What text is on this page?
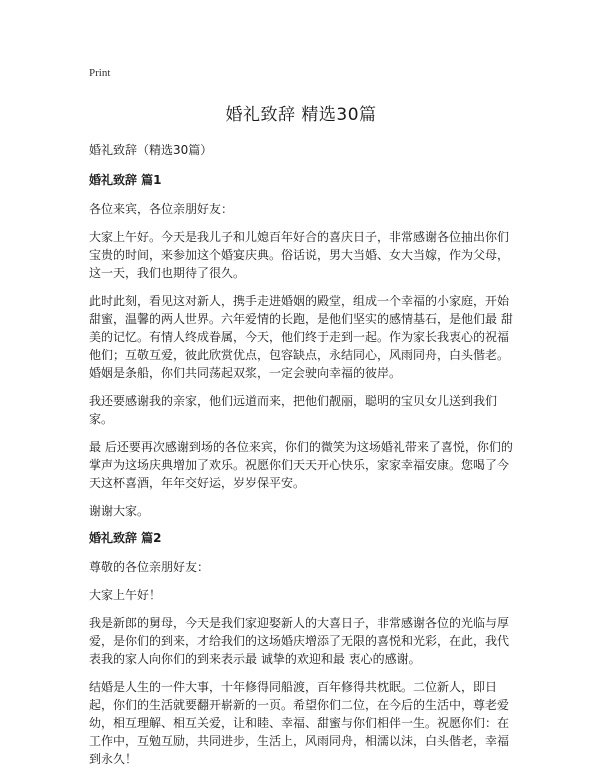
Print
婚礼致辞 精选30篇
婚礼致辞（精选30篇）
婚礼致辞 篇1

各位来宾，各位亲朋好友：

大家上午好。今天是我儿子和儿媳百年好合的喜庆日子，非常感谢各位抽出你们宝贵的时间，来参加这个婚宴庆典。俗话说，男大当婚、女大当嫁，作为父母，这一天，我们也期待了很久。

此时此刻，看见这对新人，携手走进婚姻的殿堂，组成一个幸福的小家庭，开始甜蜜，温馨的两人世界。六年爱情的长跑，是他们坚实的感情基石，是他们最 甜美的记忆。有情人终成眷属，今天，他们终于走到一起。作为家长我衷心的祝福他们；互敬互爱，彼此欣赏优点，包容缺点，永结同心，风雨同舟，白头偕老。婚姻是条船，你们共同荡起双浆，一定会驶向幸福的彼岸。

我还要感谢我的亲家，他们远道而来，把他们靓丽，聪明的宝贝女儿送到我们家。

最 后还要再次感谢到场的各位来宾，你们的微笑为这场婚礼带来了喜悦，你们的掌声为这场庆典增加了欢乐。祝愿你们天天开心快乐，家家幸福安康。您喝了今天这杯喜酒，年年交好运，岁岁保平安。

谢谢大家。

婚礼致辞 篇2

尊敬的各位亲朋好友：

大家上午好！

我是新郎的舅母，今天是我们家迎娶新人的大喜日子，非常感谢各位的光临与厚爱，是你们的到来，才给我们的这场婚庆增添了无限的喜悦和光彩，在此，我代表我的家人向你们的到来表示最 诚挚的欢迎和最 衷心的感谢。

结婚是人生的一件大事，十年修得同船渡，百年修得共枕眠。二位新人，即日起，你们的生活就要翻开崭新的一页。希望你们二位，在今后的生活中，尊老爱幼，相互理解、相互关爱，让和睦、幸福、甜蜜与你们相伴一生。祝愿你们：在工作中，互勉互励，共同进步，生活上，风雨同舟，相濡以沫，白头偕老，幸福到永久！
